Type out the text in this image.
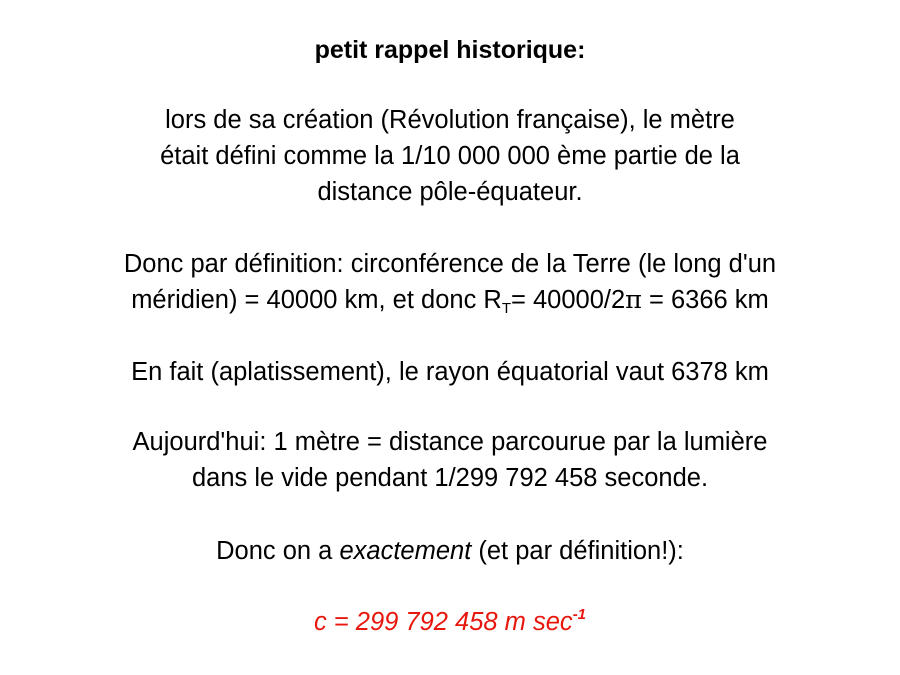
petit rappel historique:
lors de sa création (Révolution française), le mètre
était défini comme la 1/10 000 000 ème partie de la
distance pôle-équateur.
Donc par définition: circonférence de la Terre (le long d'un
méridien) = 40000 km, et donc $R_T= 40000/2\pi = 6366$ km
En fait (aplatissement), le rayon équatorial vaut 6378 km
Aujourd'hui: 1 mètre = distance parcourue par la lumière
dans le vide pendant 1/299 792 458 seconde.
Donc on a exactement (et par définition!):
c = 299 792 458 m $\sec^{-1}$
